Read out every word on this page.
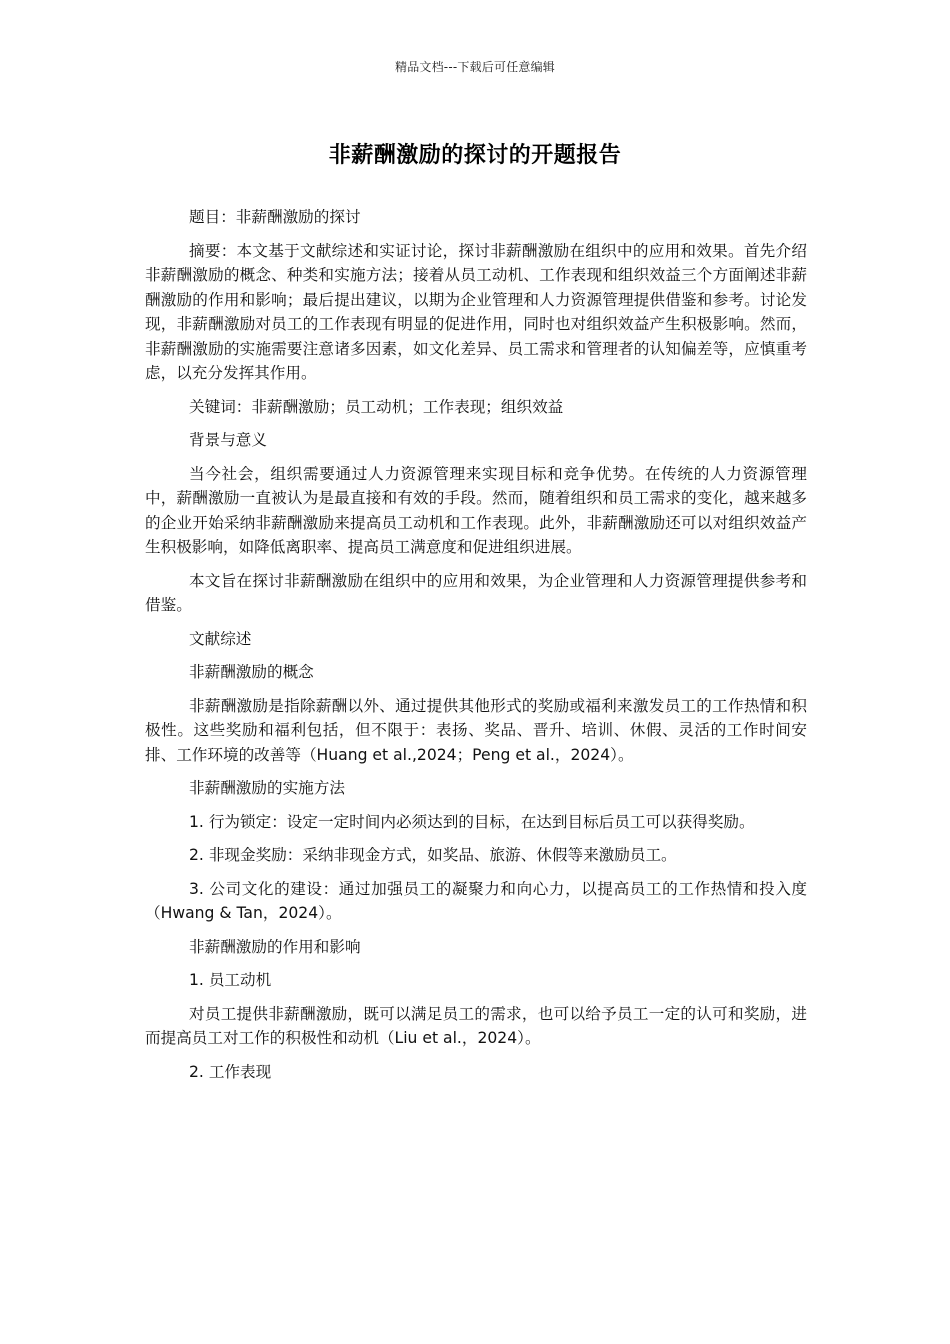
精品文档---下载后可任意编辑
非薪酬激励的探讨的开题报告

题目：非薪酬激励的探讨

摘要：本文基于文献综述和实证讨论，探讨非薪酬激励在组织中的应用和效果。首先介绍非薪酬激励的概念、种类和实施方法；接着从员工动机、工作表现和组织效益三个方面阐述非薪酬激励的作用和影响；最后提出建议，以期为企业管理和人力资源管理提供借鉴和参考。讨论发现，非薪酬激励对员工的工作表现有明显的促进作用，同时也对组织效益产生积极影响。然而，非薪酬激励的实施需要注意诸多因素，如文化差异、员工需求和管理者的认知偏差等，应慎重考虑，以充分发挥其作用。

关键词：非薪酬激励；员工动机；工作表现；组织效益

背景与意义

当今社会，组织需要通过人力资源管理来实现目标和竞争优势。在传统的人力资源管理中，薪酬激励一直被认为是最直接和有效的手段。然而，随着组织和员工需求的变化，越来越多的企业开始采纳非薪酬激励来提高员工动机和工作表现。此外，非薪酬激励还可以对组织效益产生积极影响，如降低离职率、提高员工满意度和促进组织进展。

本文旨在探讨非薪酬激励在组织中的应用和效果，为企业管理和人力资源管理提供参考和借鉴。

文献综述

非薪酬激励的概念

非薪酬激励是指除薪酬以外、通过提供其他形式的奖励或福利来激发员工的工作热情和积极性。这些奖励和福利包括，但不限于：表扬、奖品、晋升、培训、休假、灵活的工作时间安排、工作环境的改善等（Huang et al.,2024；Peng et al.，2024）。

非薪酬激励的实施方法

1. 行为锁定：设定一定时间内必须达到的目标，在达到目标后员工可以获得奖励。

2. 非现金奖励：采纳非现金方式，如奖品、旅游、休假等来激励员工。

3. 公司文化的建设：通过加强员工的凝聚力和向心力，以提高员工的工作热情和投入度（Hwang & Tan，2024）。

非薪酬激励的作用和影响

1. 员工动机

对员工提供非薪酬激励，既可以满足员工的需求，也可以给予员工一定的认可和奖励，进而提高员工对工作的积极性和动机（Liu et al.，2024）。

2. 工作表现
